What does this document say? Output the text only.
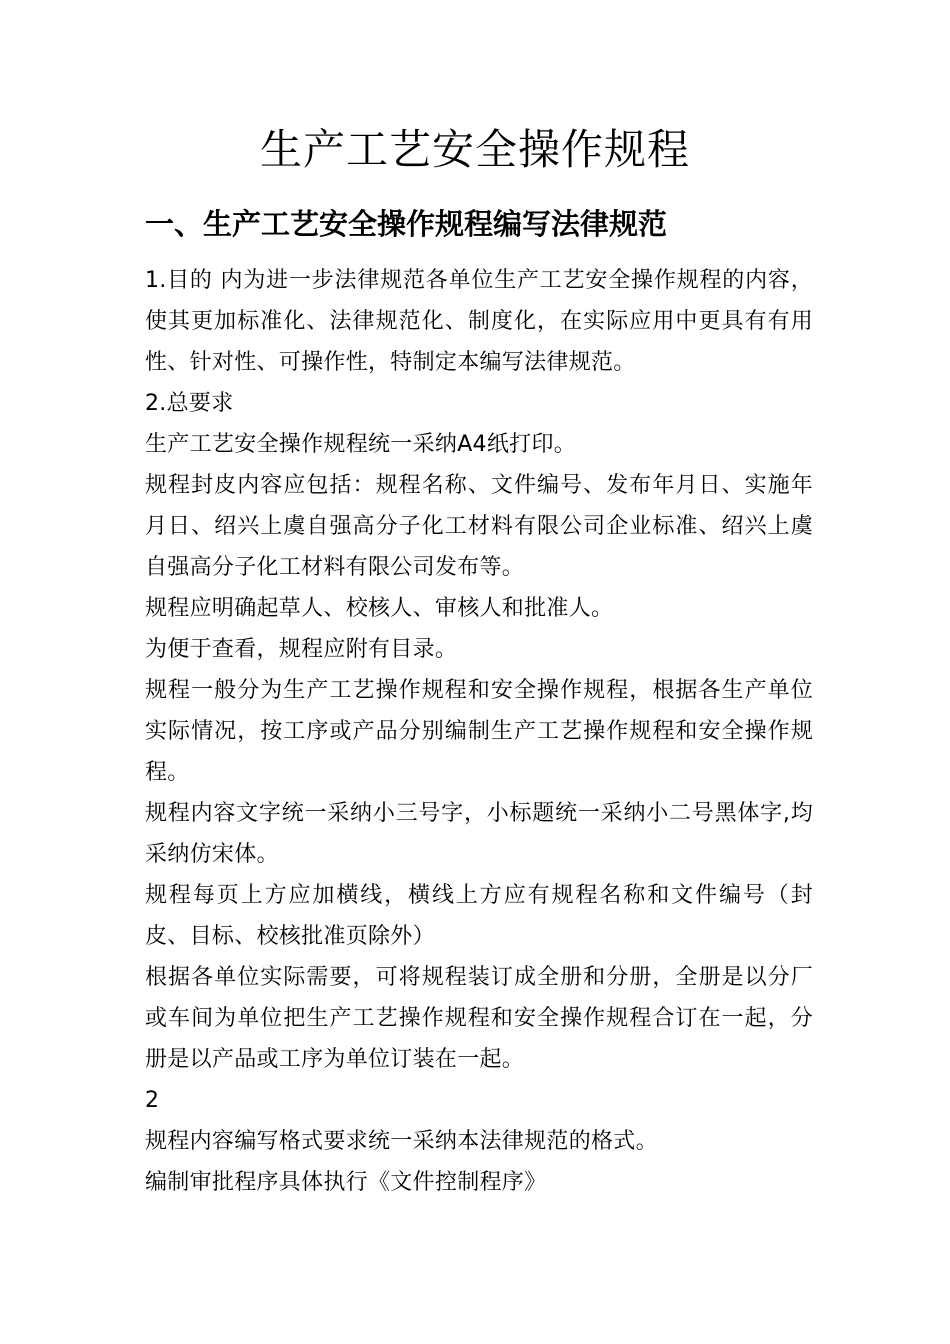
生产工艺安全操作规程
一、生产工艺安全操作规程编写法律规范

1.目的 内为进一步法律规范各单位生产工艺安全操作规程的内容，使其更加标准化、法律规范化、制度化，在实际应用中更具有有用性、针对性、可操作性，特制定本编写法律规范。

2.总要求

生产工艺安全操作规程统一采纳A4纸打印。

规程封皮内容应包括：规程名称、文件编号、发布年月日、实施年月日、绍兴上虞自强高分子化工材料有限公司企业标准、绍兴上虞自强高分子化工材料有限公司发布等。

规程应明确起草人、校核人、审核人和批准人。

为便于查看，规程应附有目录。

规程一般分为生产工艺操作规程和安全操作规程，根据各生产单位实际情况，按工序或产品分别编制生产工艺操作规程和安全操作规程。

规程内容文字统一采纳小三号字，小标题统一采纳小二号黑体字,均采纳仿宋体。

规程每页上方应加横线，横线上方应有规程名称和文件编号（封皮、目标、校核批准页除外）

根据各单位实际需要，可将规程装订成全册和分册，全册是以分厂或车间为单位把生产工艺操作规程和安全操作规程合订在一起，分册是以产品或工序为单位订装在一起。

2

规程内容编写格式要求统一采纳本法律规范的格式。

编制审批程序具体执行《文件控制程序》
